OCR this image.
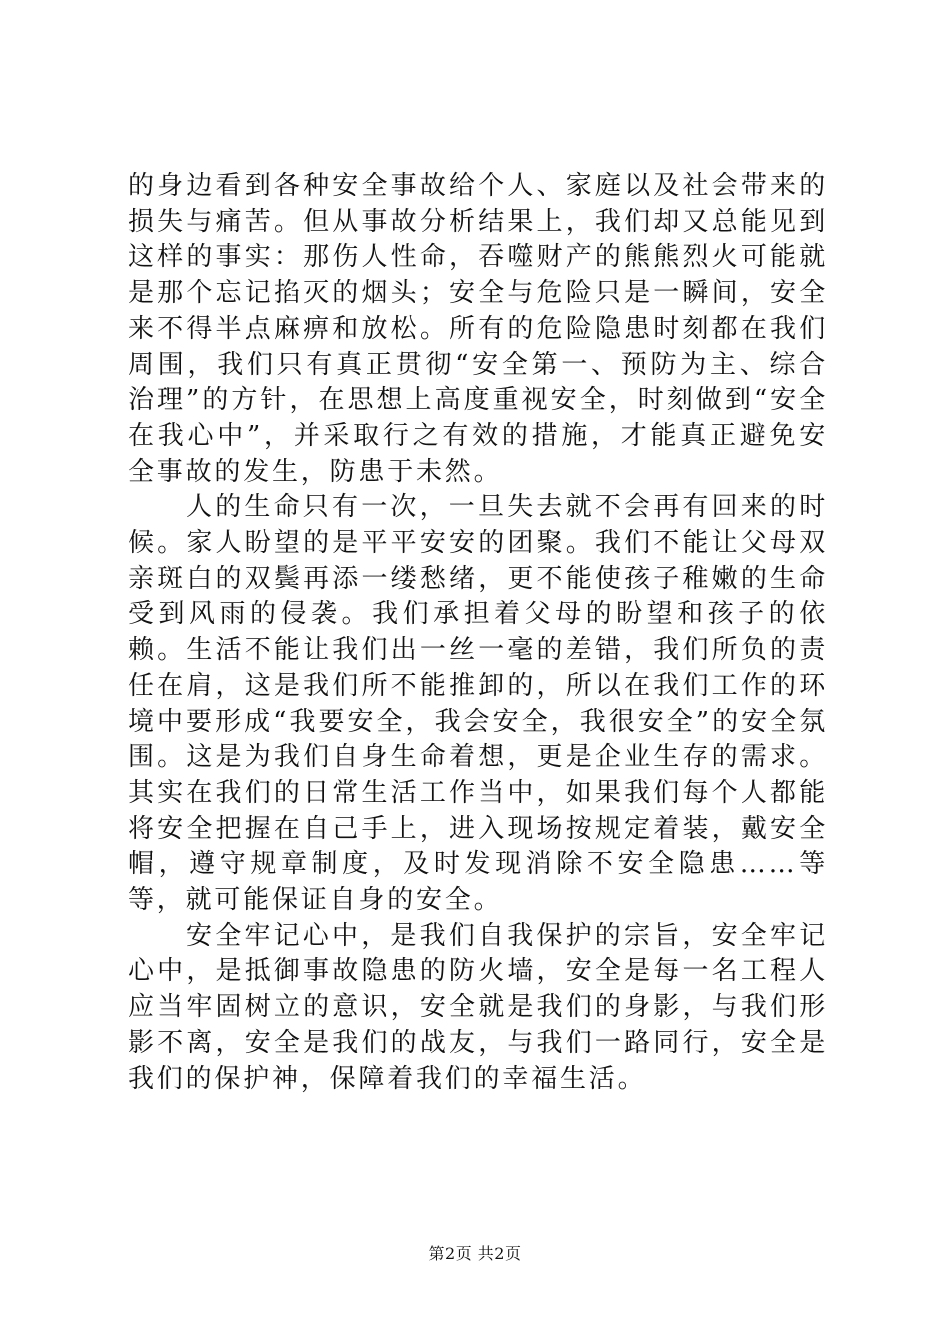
的身边看到各种安全事故给个人、家庭以及社会带来的损失与痛苦。但从事故分析结果上，我们却又总能见到这样的事实：那伤人性命，吞噬财产的熊熊烈火可能就是那个忘记掐灭的烟头；安全与危险只是一瞬间，安全来不得半点麻痹和放松。所有的危险隐患时刻都在我们周围，我们只有真正贯彻“安全第一、预防为主、综合治理”的方针，在思想上高度重视安全，时刻做到“安全在我心中”，并采取行之有效的措施，才能真正避免安全事故的发生，防患于未然。

人的生命只有一次，一旦失去就不会再有回来的时候。家人盼望的是平平安安的团聚。我们不能让父母双亲斑白的双鬓再添一缕愁绪，更不能使孩子稚嫩的生命受到风雨的侵袭。我们承担着父母的盼望和孩子的依赖。生活不能让我们出一丝一毫的差错，我们所负的责任在肩，这是我们所不能推卸的，所以在我们工作的环境中要形成“我要安全，我会安全，我很安全”的安全氛围。这是为我们自身生命着想，更是企业生存的需求。其实在我们的日常生活工作当中，如果我们每个人都能将安全把握在自己手上，进入现场按规定着装，戴安全帽，遵守规章制度，及时发现消除不安全隐患……等等，就可能保证自身的安全。

安全牢记心中，是我们自我保护的宗旨，安全牢记心中，是抵御事故隐患的防火墙，安全是每一名工程人应当牢固树立的意识，安全就是我们的身影，与我们形影不离，安全是我们的战友，与我们一路同行，安全是我们的保护神，保障着我们的幸福生活。

第2页 共2页
